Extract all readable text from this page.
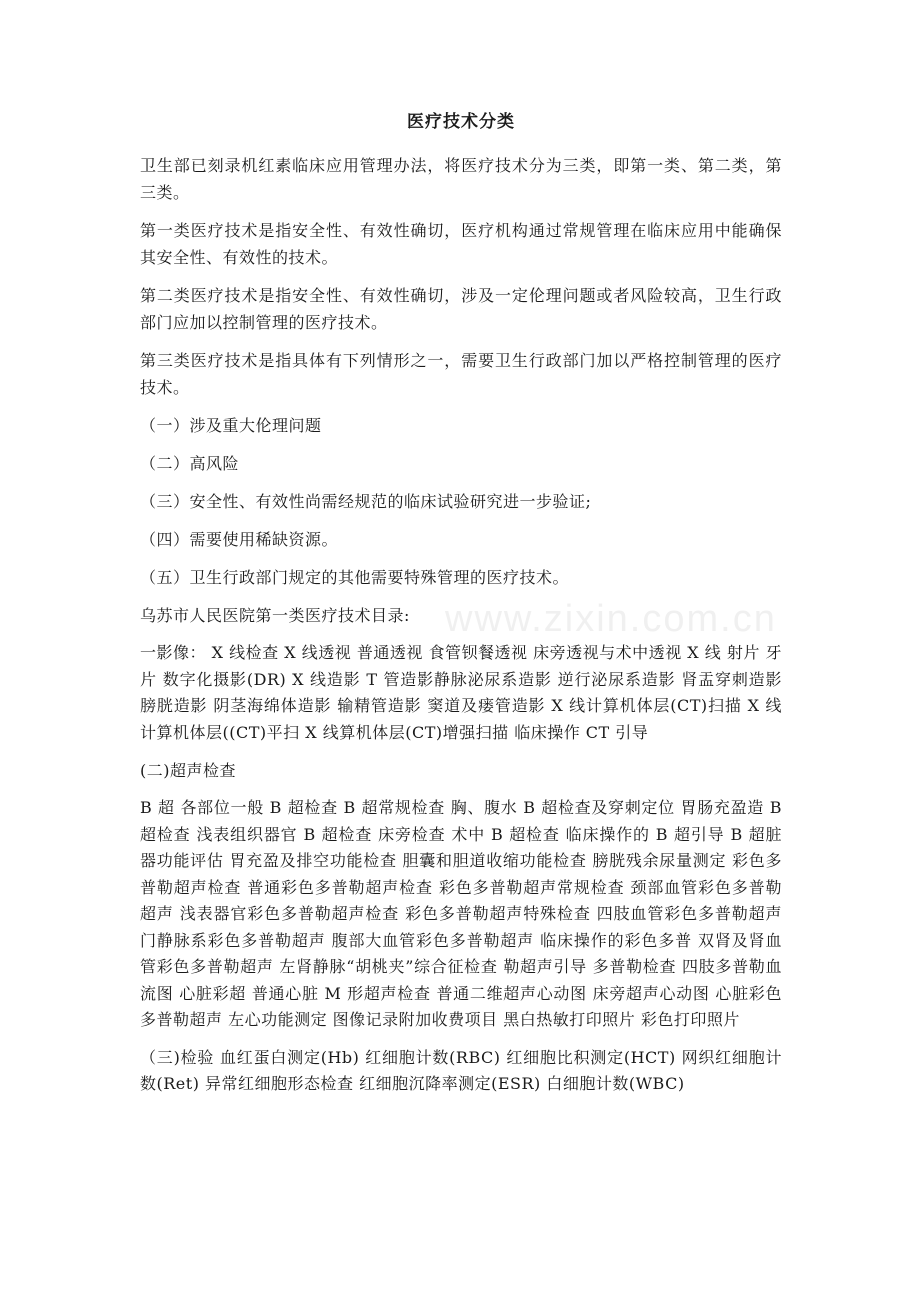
医疗技术分类
卫生部已刻录机红素临床应用管理办法，将医疗技术分为三类，即第一类、第二类，第三类。
第一类医疗技术是指安全性、有效性确切，医疗机构通过常规管理在临床应用中能确保其安全性、有效性的技术。
第二类医疗技术是指安全性、有效性确切，涉及一定伦理问题或者风险较高，卫生行政部门应加以控制管理的医疗技术。
第三类医疗技术是指具体有下列情形之一，需要卫生行政部门加以严格控制管理的医疗技术。
（一）涉及重大伦理问题
（二）高风险
（三）安全性、有效性尚需经规范的临床试验研究进一步验证;
（四）需要使用稀缺资源。
（五）卫生行政部门规定的其他需要特殊管理的医疗技术。
乌苏市人民医院第一类医疗技术目录:
一影像： X 线检查 X 线透视 普通透视 食管钡餐透视 床旁透视与术中透视 X 线 射片 牙片 数字化摄影(DR) X 线造影 T 管造影静脉泌尿系造影 逆行泌尿系造影 肾盂穿刺造影 膀胱造影 阴茎海绵体造影 输精管造影 窦道及瘘管造影 X 线计算机体层(CT)扫描 X 线计算机体层((CT)平扫 X 线算机体层(CT)增强扫描 临床操作 CT 引导
(二)超声检查
B 超 各部位一般 B 超检查 B 超常规检查 胸、腹水 B 超检查及穿刺定位 胃肠充盈造 B 超检查 浅表组织器官 B 超检查 床旁检查 术中 B 超检查 临床操作的 B 超引导 B 超脏器功能评估 胃充盈及排空功能检查 胆囊和胆道收缩功能检查 膀胱残余尿量测定 彩色多普勒超声检查 普通彩色多普勒超声检查 彩色多普勒超声常规检查 颈部血管彩色多普勒超声 浅表器官彩色多普勒超声检查 彩色多普勒超声特殊检查 四肢血管彩色多普勒超声 门静脉系彩色多普勒超声 腹部大血管彩色多普勒超声 临床操作的彩色多普 双肾及肾血管彩色多普勒超声 左肾静脉“胡桃夹”综合征检查 勒超声引导 多普勒检查 四肢多普勒血流图 心脏彩超 普通心脏 M 形超声检查 普通二维超声心动图 床旁超声心动图 心脏彩色多普勒超声 左心功能测定 图像记录附加收费项目 黑白热敏打印照片 彩色打印照片
（三)检验 血红蛋白测定(Hb) 红细胞计数(RBC) 红细胞比积测定(HCT) 网织红细胞计数(Ret) 异常红细胞形态检查 红细胞沉降率测定(ESR) 白细胞计数(WBC)
www.zixin.com.cn
